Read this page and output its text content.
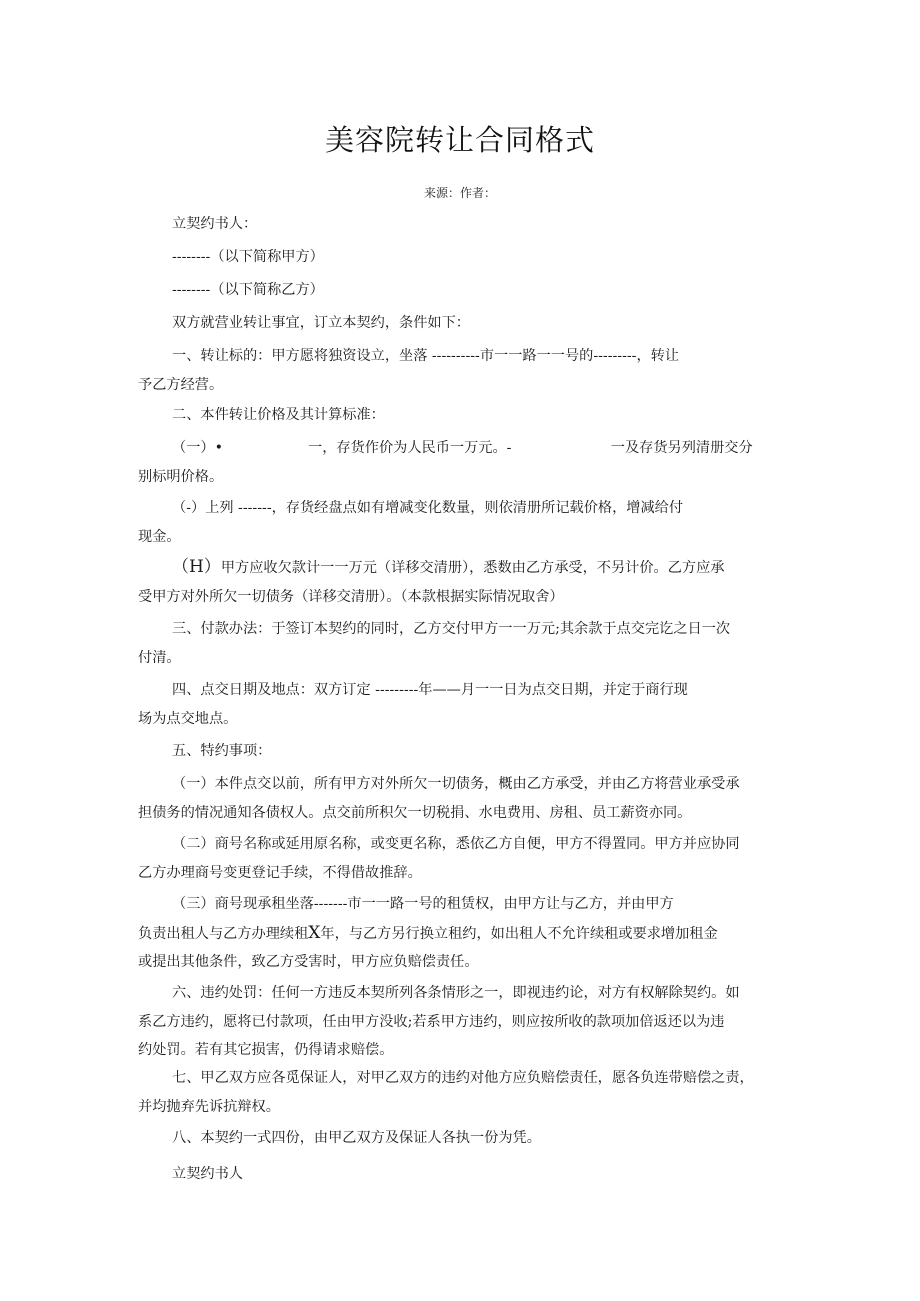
美容院转让合同格式
来源：作者：
立契约书人：
--------（以下简称甲方）
--------（以下简称乙方）
双方就营业转让事宜，订立本契约，条件如下：
一、转让标的：甲方愿将独资设立，坐落 ----------市一一路一一号的---------，转让
予乙方经营。
二、本件转让价格及其计算标准：
（一）•　　　　　　一，存货作价为人民币一万元。-　　　　　　　一及存货另列清册交分
别标明价格。
（-）上列 -------，存货经盘点如有增减变化数量，则依清册所记载价格，增减给付
现金。
（H）甲方应收欠款计一一万元（详移交清册），悉数由乙方承受，不另计价。乙方应承
受甲方对外所欠一切债务（详移交清册）。（本款根据实际情况取舍）
三、付款办法：于签订本契约的同时，乙方交付甲方一一万元;其余款于点交完讫之日一次
付清。
四、点交日期及地点：双方订定 ---------年——月一一日为点交日期，并定于商行现
场为点交地点。
五、特约事项：
（一）本件点交以前，所有甲方对外所欠一切债务，概由乙方承受，并由乙方将营业承受承
担债务的情况通知各债权人。点交前所积欠一切税捐、水电费用、房租、员工薪资亦同。
（二）商号名称或延用原名称，或变更名称，悉依乙方自便，甲方不得置同。甲方并应协同
乙方办理商号变更登记手续，不得借故推辞。
（三）商号现承租坐落-------市一一路一号的租赁权，由甲方让与乙方，并由甲方
负责出租人与乙方办理续租X年，与乙方另行换立租约，如出租人不允许续租或要求增加租金
或提出其他条件，致乙方受害时，甲方应负赔偿责任。
六、违约处罚：任何一方违反本契所列各条情形之一，即视违约论，对方有权解除契约。如
系乙方违约，愿将已付款项，任由甲方没收;若系甲方违约，则应按所收的款项加倍返还以为违
约处罚。若有其它损害，仍得请求赔偿。
七、甲乙双方应各觅保证人，对甲乙双方的违约对他方应负赔偿责任，愿各负连带赔偿之责，
并均抛弃先诉抗辩权。
八、本契约一式四份，由甲乙双方及保证人各执一份为凭。
立契约书人
